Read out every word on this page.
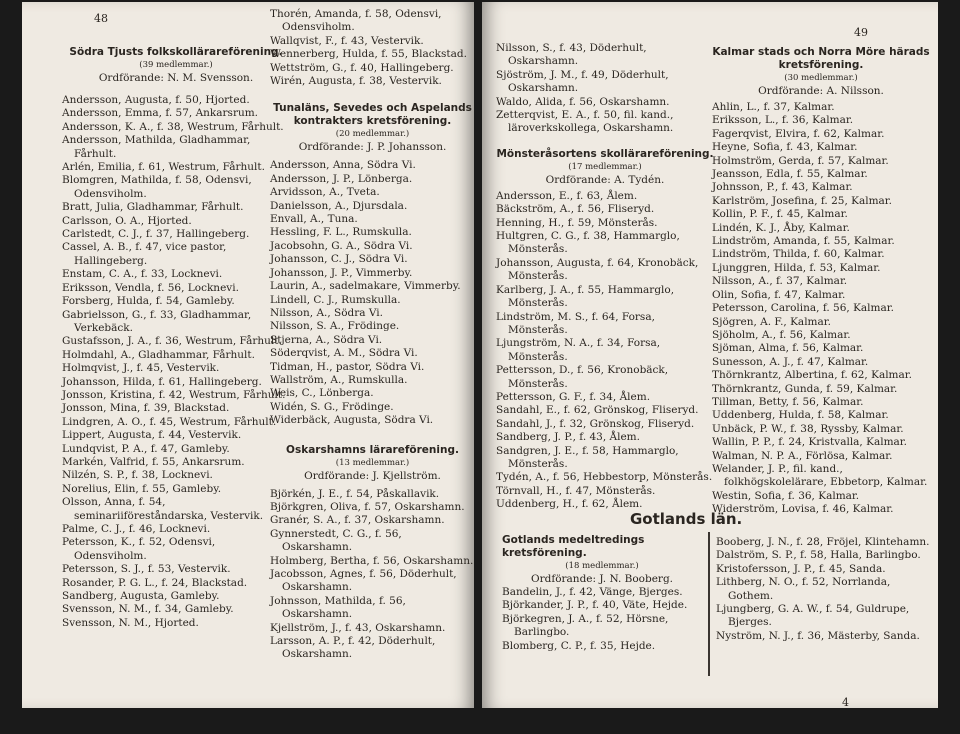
48
Södra Tjusts folkskollärareförening.
(39 medlemmar.)
Ordförande: N. M. Svensson.
Andersson, Augusta, f. 50, Hjorted.
Andersson, Emma, f. 57, Ankarsrum.
Andersson, K. A., f. 38, Westrum, Fårhult.
Andersson, Mathilda, Gladhammar, Fårhult.
Arlén, Emilia, f. 61, Westrum, Fårhult.
Blomgren, Mathilda, f. 58, Odensvi, Odensviholm.
Bratt, Julia, Gladhammar, Fårhult.
Carlsson, O. A., Hjorted.
Carlstedt, C. J., f. 37, Hallingeberg.
Cassel, A. B., f. 47, vice pastor, Hallingeberg.
Enstam, C. A., f. 33, Locknevi.
Eriksson, Vendla, f. 56, Locknevi.
Forsberg, Hulda, f. 54, Gamleby.
Gabrielsson, G., f. 33, Gladhammar, Verkebäck.
Gustafsson, J. A., f. 36, Westrum, Fårhult.
Holmdahl, A., Gladhammar, Fårhult.
Holmqvist, J., f. 45, Vestervik.
Johansson, Hilda, f. 61, Hallingeberg.
Jonsson, Kristina, f. 42, Westrum, Fårhult.
Jonsson, Mina, f. 39, Blackstad.
Lindgren, A. O., f. 45, Westrum, Fårhult.
Lippert, Augusta, f. 44, Vestervik.
Lundqvist, P. A., f. 47, Gamleby.
Markén, Valfrid, f. 55, Ankarsrum.
Nilzén, S. P., f. 38, Locknevi.
Norelius, Elin, f. 55, Gamleby.
Olsson, Anna, f. 54, seminariiföreståndarska, Vestervik.
Palme, C. J., f. 46, Locknevi.
Petersson, K., f. 52, Odensvi, Odensviholm.
Petersson, S. J., f. 53, Vestervik.
Rosander, P. G. L., f. 24, Blackstad.
Sandberg, Augusta, Gamleby.
Svensson, N. M., f. 34, Gamleby.
Svensson, N. M., Hjorted.
Thorén, Amanda, f. 58, Odensvi, Odensviholm.
Wallqvist, F., f. 43, Vestervik.
Wennerberg, Hulda, f. 55, Blackstad.
Wettström, G., f. 40, Hallingeberg.
Wirén, Augusta, f. 38, Vestervik.
Tunaläns, Sevedes och Aspelands kontrakters kretsförening.
(20 medlemmar.)
Ordförande: J. P. Johansson.
Andersson, Anna, Södra Vi.
Andersson, J. P., Lönberga.
Arvidsson, A., Tveta.
Danielsson, A., Djursdala.
Envall, A., Tuna.
Hessling, F. L., Rumskulla.
Jacobsohn, G. A., Södra Vi.
Johansson, C. J., Södra Vi.
Johansson, J. P., Vimmerby.
Laurin, A., sadelmakare, Vimmerby.
Lindell, C. J., Rumskulla.
Nilsson, A., Södra Vi.
Nilsson, S. A., Frödinge.
Stjerna, A., Södra Vi.
Söderqvist, A. M., Södra Vi.
Tidman, H., pastor, Södra Vi.
Wallström, A., Rumskulla.
Weis, C., Lönberga.
Widén, S. G., Frödinge.
Widerbäck, Augusta, Södra Vi.
Oskarshamns lärareförening.
(13 medlemmar.)
Ordförande: J. Kjellström.
Björkén, J. E., f. 54, Påskallavik.
Björkgren, Oliva, f. 57, Oskarshamn.
Granér, S. A., f. 37, Oskarshamn.
Gynnerstedt, C. G., f. 56, Oskarshamn.
Holmberg, Bertha, f. 56, Oskarshamn.
Jacobsson, Agnes, f. 56, Döderhult, Oskarshamn.
Johnsson, Mathilda, f. 56, Oskarshamn.
Kjellström, J., f. 43, Oskarshamn.
Larsson, A. P., f. 42, Döderhult, Oskarshamn.
49
Nilsson, S., f. 43, Döderhult, Oskarshamn.
Sjöström, J. M., f. 49, Döderhult, Oskarshamn.
Waldo, Alida, f. 56, Oskarshamn.
Zetterqvist, E. A., f. 50, fil. kand., läroverkskollega, Oskarshamn.
Mönsteråsortens skollärareförening.
(17 medlemmar.)
Ordförande: A. Tydén.
Andersson, E., f. 63, Ålem.
Bäckström, A., f. 56, Fliseryd.
Henning, H., f. 59, Mönsterås.
Hultgren, C. G., f. 38, Hammarglo, Mönsterås.
Johansson, Augusta, f. 64, Kronobäck, Mönsterås.
Karlberg, J. A., f. 55, Hammarglo, Mönsterås.
Lindström, M. S., f. 64, Forsa, Mönsterås.
Ljungström, N. A., f. 34, Forsa, Mönsterås.
Pettersson, D., f. 56, Kronobäck, Mönsterås.
Pettersson, G. F., f. 34, Ålem.
Sandahl, E., f. 62, Grönskog, Fliseryd.
Sandahl, J., f. 32, Grönskog, Fliseryd.
Sandberg, J. P., f. 43, Ålem.
Sandgren, J. E., f. 58, Hammarglo, Mönsterås.
Tydén, A., f. 56, Hebbestorp, Mönsterås.
Törnvall, H., f. 47, Mönsterås.
Uddenberg, H., f. 62, Ålem.
Kalmar stads och Norra Möre härads kretsförening.
(30 medlemmar.)
Ordförande: A. Nilsson.
Ahlin, L., f. 37, Kalmar.
Eriksson, L., f. 36, Kalmar.
Fagerqvist, Elvira, f. 62, Kalmar.
Heyne, Sofia, f. 43, Kalmar.
Holmström, Gerda, f. 57, Kalmar.
Jeansson, Edla, f. 55, Kalmar.
Johnsson, P., f. 43, Kalmar.
Karlström, Josefina, f. 25, Kalmar.
Kollin, P. F., f. 45, Kalmar.
Lindén, K. J., Åby, Kalmar.
Lindström, Amanda, f. 55, Kalmar.
Lindström, Thilda, f. 60, Kalmar.
Ljunggren, Hilda, f. 53, Kalmar.
Nilsson, A., f. 37, Kalmar.
Olin, Sofia, f. 47, Kalmar.
Petersson, Carolina, f. 56, Kalmar.
Sjögren, A. F., Kalmar.
Sjöholm, A., f. 56, Kalmar.
Sjöman, Alma, f. 56, Kalmar.
Sunesson, A. J., f. 47, Kalmar.
Thörnkrantz, Albertina, f. 62, Kalmar.
Thörnkrantz, Gunda, f. 59, Kalmar.
Tillman, Betty, f. 56, Kalmar.
Uddenberg, Hulda, f. 58, Kalmar.
Unbäck, P. W., f. 38, Ryssby, Kalmar.
Wallin, P. P., f. 24, Kristvalla, Kalmar.
Walman, N. P. A., Förlösa, Kalmar.
Welander, J. P., fil. kand., folkhögskolelärare, Ebbetorp, Kalmar.
Westin, Sofia, f. 36, Kalmar.
Widerström, Lovisa, f. 46, Kalmar.
Gotlands län.
Gotlands medeltredings kretsförening.
(18 medlemmar.)
Ordförande: J. N. Booberg.
Bandelin, J., f. 42, Vänge, Bjerges.
Björkander, J. P., f. 40, Väte, Hejde.
Björkegren, J. A., f. 52, Hörsne, Barlingbo.
Blomberg, C. P., f. 35, Hejde.
Booberg, J. N., f. 28, Fröjel, Klintehamn.
Dalström, S. P., f. 58, Halla, Barlingbo.
Kristofersson, J. P., f. 45, Sanda.
Lithberg, N. O., f. 52, Norrlanda, Gothem.
Ljungberg, G. A. W., f. 54, Guldrupe, Bjerges.
Nyström, N. J., f. 36, Mästerby, Sanda.
4
